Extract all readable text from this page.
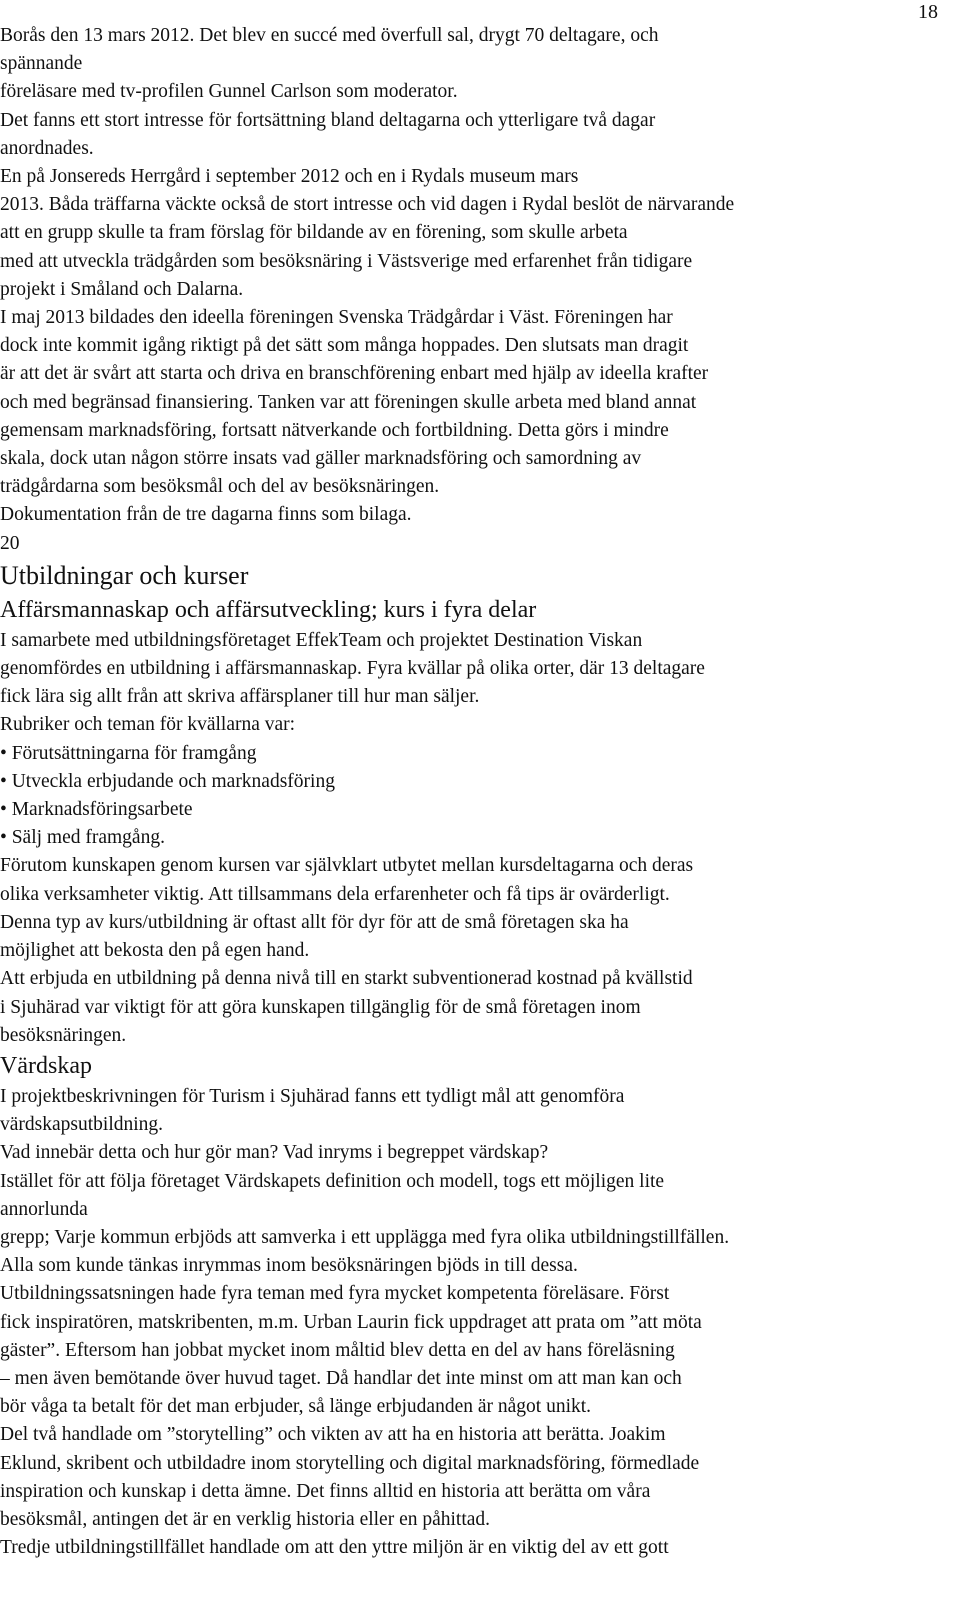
18
Borås den 13 mars 2012. Det blev en succé med överfull sal, drygt 70 deltagare, och
spännande
föreläsare med tv-profilen Gunnel Carlson som moderator.
Det fanns ett stort intresse för fortsättning bland deltagarna och ytterligare två dagar
anordnades.
En på Jonsereds Herrgård i september 2012 och en i Rydals museum mars
2013. Båda träffarna väckte också de stort intresse och vid dagen i Rydal beslöt de närvarande
att en grupp skulle ta fram förslag för bildande av en förening, som skulle arbeta
med att utveckla trädgården som besöksnäring i Västsverige med erfarenhet från tidigare
projekt i Småland och Dalarna.
I maj 2013 bildades den ideella föreningen Svenska Trädgårdar i Väst. Föreningen har
dock inte kommit igång riktigt på det sätt som många hoppades. Den slutsats man dragit
är att det är svårt att starta och driva en branschförening enbart med hjälp av ideella krafter
och med begränsad finansiering. Tanken var att föreningen skulle arbeta med bland annat
gemensam marknadsföring, fortsatt nätverkande och fortbildning. Detta görs i mindre
skala, dock utan någon större insats vad gäller marknadsföring och samordning av
trädgårdarna som besöksmål och del av besöksnäringen.
Dokumentation från de tre dagarna finns som bilaga.
20
Utbildningar och kurser
Affärsmannaskap och affärsutveckling; kurs i fyra delar
I samarbete med utbildningsföretaget EffekTeam och projektet Destination Viskan
genomfördes en utbildning i affärsmannaskap. Fyra kvällar på olika orter, där 13 deltagare
fick lära sig allt från att skriva affärsplaner till hur man säljer.
Rubriker och teman för kvällarna var:
• Förutsättningarna för framgång
• Utveckla erbjudande och marknadsföring
• Marknadsföringsarbete
• Sälj med framgång.
Förutom kunskapen genom kursen var självklart utbytet mellan kursdeltagarna och deras
olika verksamheter viktig. Att tillsammans dela erfarenheter och få tips är ovärderligt.
Denna typ av kurs/utbildning är oftast allt för dyr för att de små företagen ska ha
möjlighet att bekosta den på egen hand.
Att erbjuda en utbildning på denna nivå till en starkt subventionerad kostnad på kvällstid
i Sjuhärad var viktigt för att göra kunskapen tillgänglig för de små företagen inom
besöksnäringen.
Värdskap
I projektbeskrivningen för Turism i Sjuhärad fanns ett tydligt mål att genomföra
värdskapsutbildning.
Vad innebär detta och hur gör man? Vad inryms i begreppet värdskap?
Istället för att följa företaget Värdskapets definition och modell, togs ett möjligen lite
annorlunda
grepp; Varje kommun erbjöds att samverka i ett upplägga med fyra olika utbildningstillfällen.
Alla som kunde tänkas inrymmas inom besöksnäringen bjöds in till dessa.
Utbildningssatsningen hade fyra teman med fyra mycket kompetenta föreläsare. Först
fick inspiratören, matskribenten, m.m. Urban Laurin fick uppdraget att prata om ”att möta
gäster”. Eftersom han jobbat mycket inom måltid blev detta en del av hans föreläsning
– men även bemötande över huvud taget. Då handlar det inte minst om att man kan och
bör våga ta betalt för det man erbjuder, så länge erbjudanden är något unikt.
Del två handlade om ”storytelling” och vikten av att ha en historia att berätta. Joakim
Eklund, skribent och utbildadre inom storytelling och digital marknadsföring, förmedlade
inspiration och kunskap i detta ämne. Det finns alltid en historia att berätta om våra
besöksmål, antingen det är en verklig historia eller en påhittad.
Tredje utbildningstillfället handlade om att den yttre miljön är en viktig del av ett gott
